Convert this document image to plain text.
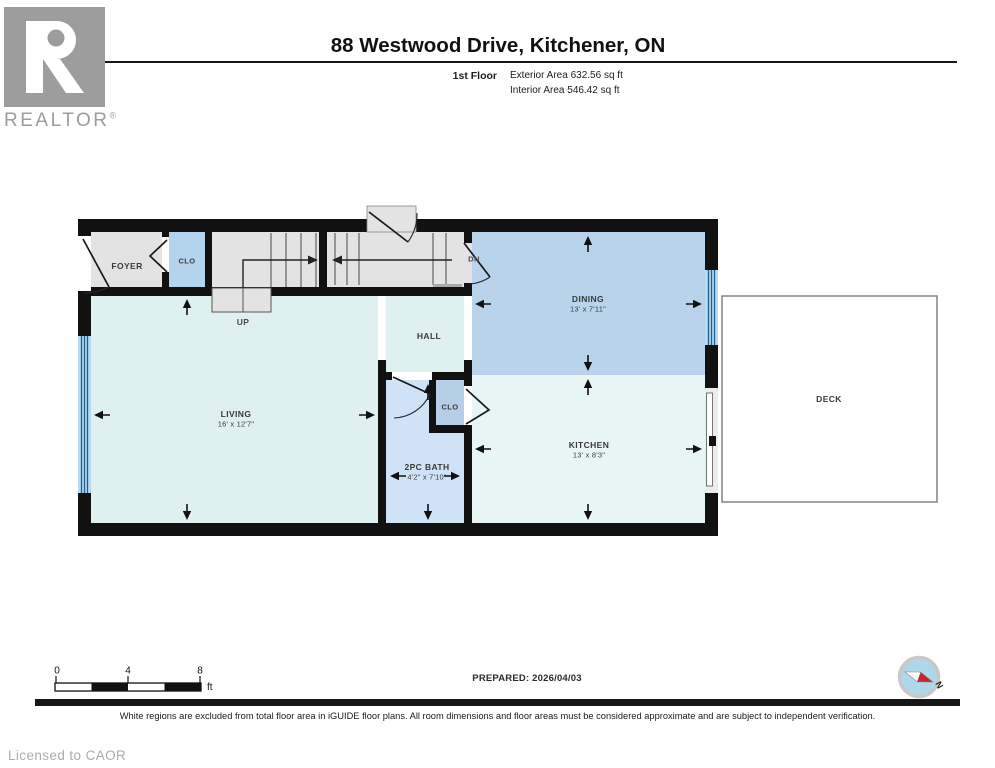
REALTOR®
88 Westwood Drive, Kitchener, ON
1st Floor Exterior Area 632.56 sq ft
Interior Area 546.42 sq ft
FOYER	CLO
UP
DN
DINING
13' x 7'11"
HALL
LIVING
16' x 12'7"
CLO
2PC BATH
4'2" x 7'10"
KITCHEN
13' x 8'3"
DECK
0	4	8
ft
PREPARED: 2026/04/03
N
White regions are excluded from total floor area in iGUIDE floor plans. All room dimensions and floor areas must be considered approximate and are subject to independent verification.
Licensed to CAOR
